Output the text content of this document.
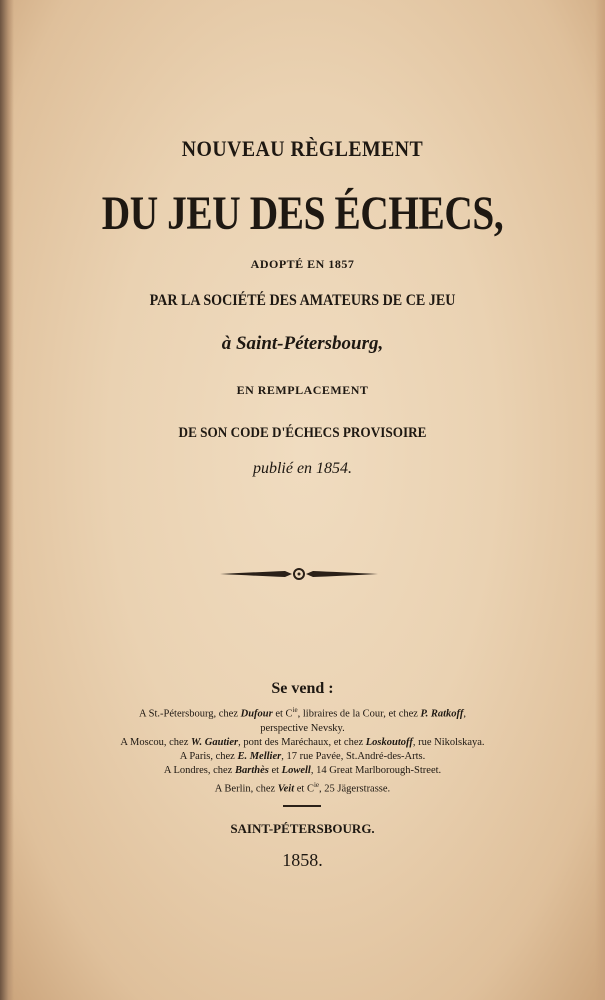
NOUVEAU RÈGLEMENT
DU JEU DES ÉCHECS,
ADOPTÉ EN 1857
PAR LA SOCIÉTÉ DES AMATEURS DE CE JEU
à Saint-Pétersbourg,
EN REMPLACEMENT
DE SON CODE D'ÉCHECS PROVISOIRE
publié en 1854.
Se vend :
A St.-Pétersbourg, chez Dufour et $C^{ie}$, libraires de la Cour, et chez P. Ratkoff,
perspective Nevsky.
A Moscou, chez W. Gautier, pont des Maréchaux, et chez Loskoutoff, rue Nikolskaya.
A Paris, chez E. Mellier, 17 rue Pavée, St.André-des-Arts.
A Londres, chez Barthès et Lowell, 14 Great Marlborough-Street.
A Berlin, chez Veit et $C^{ie}$, 25 Jägerstrasse.
SAINT-PÉTERSBOURG.
1858.
